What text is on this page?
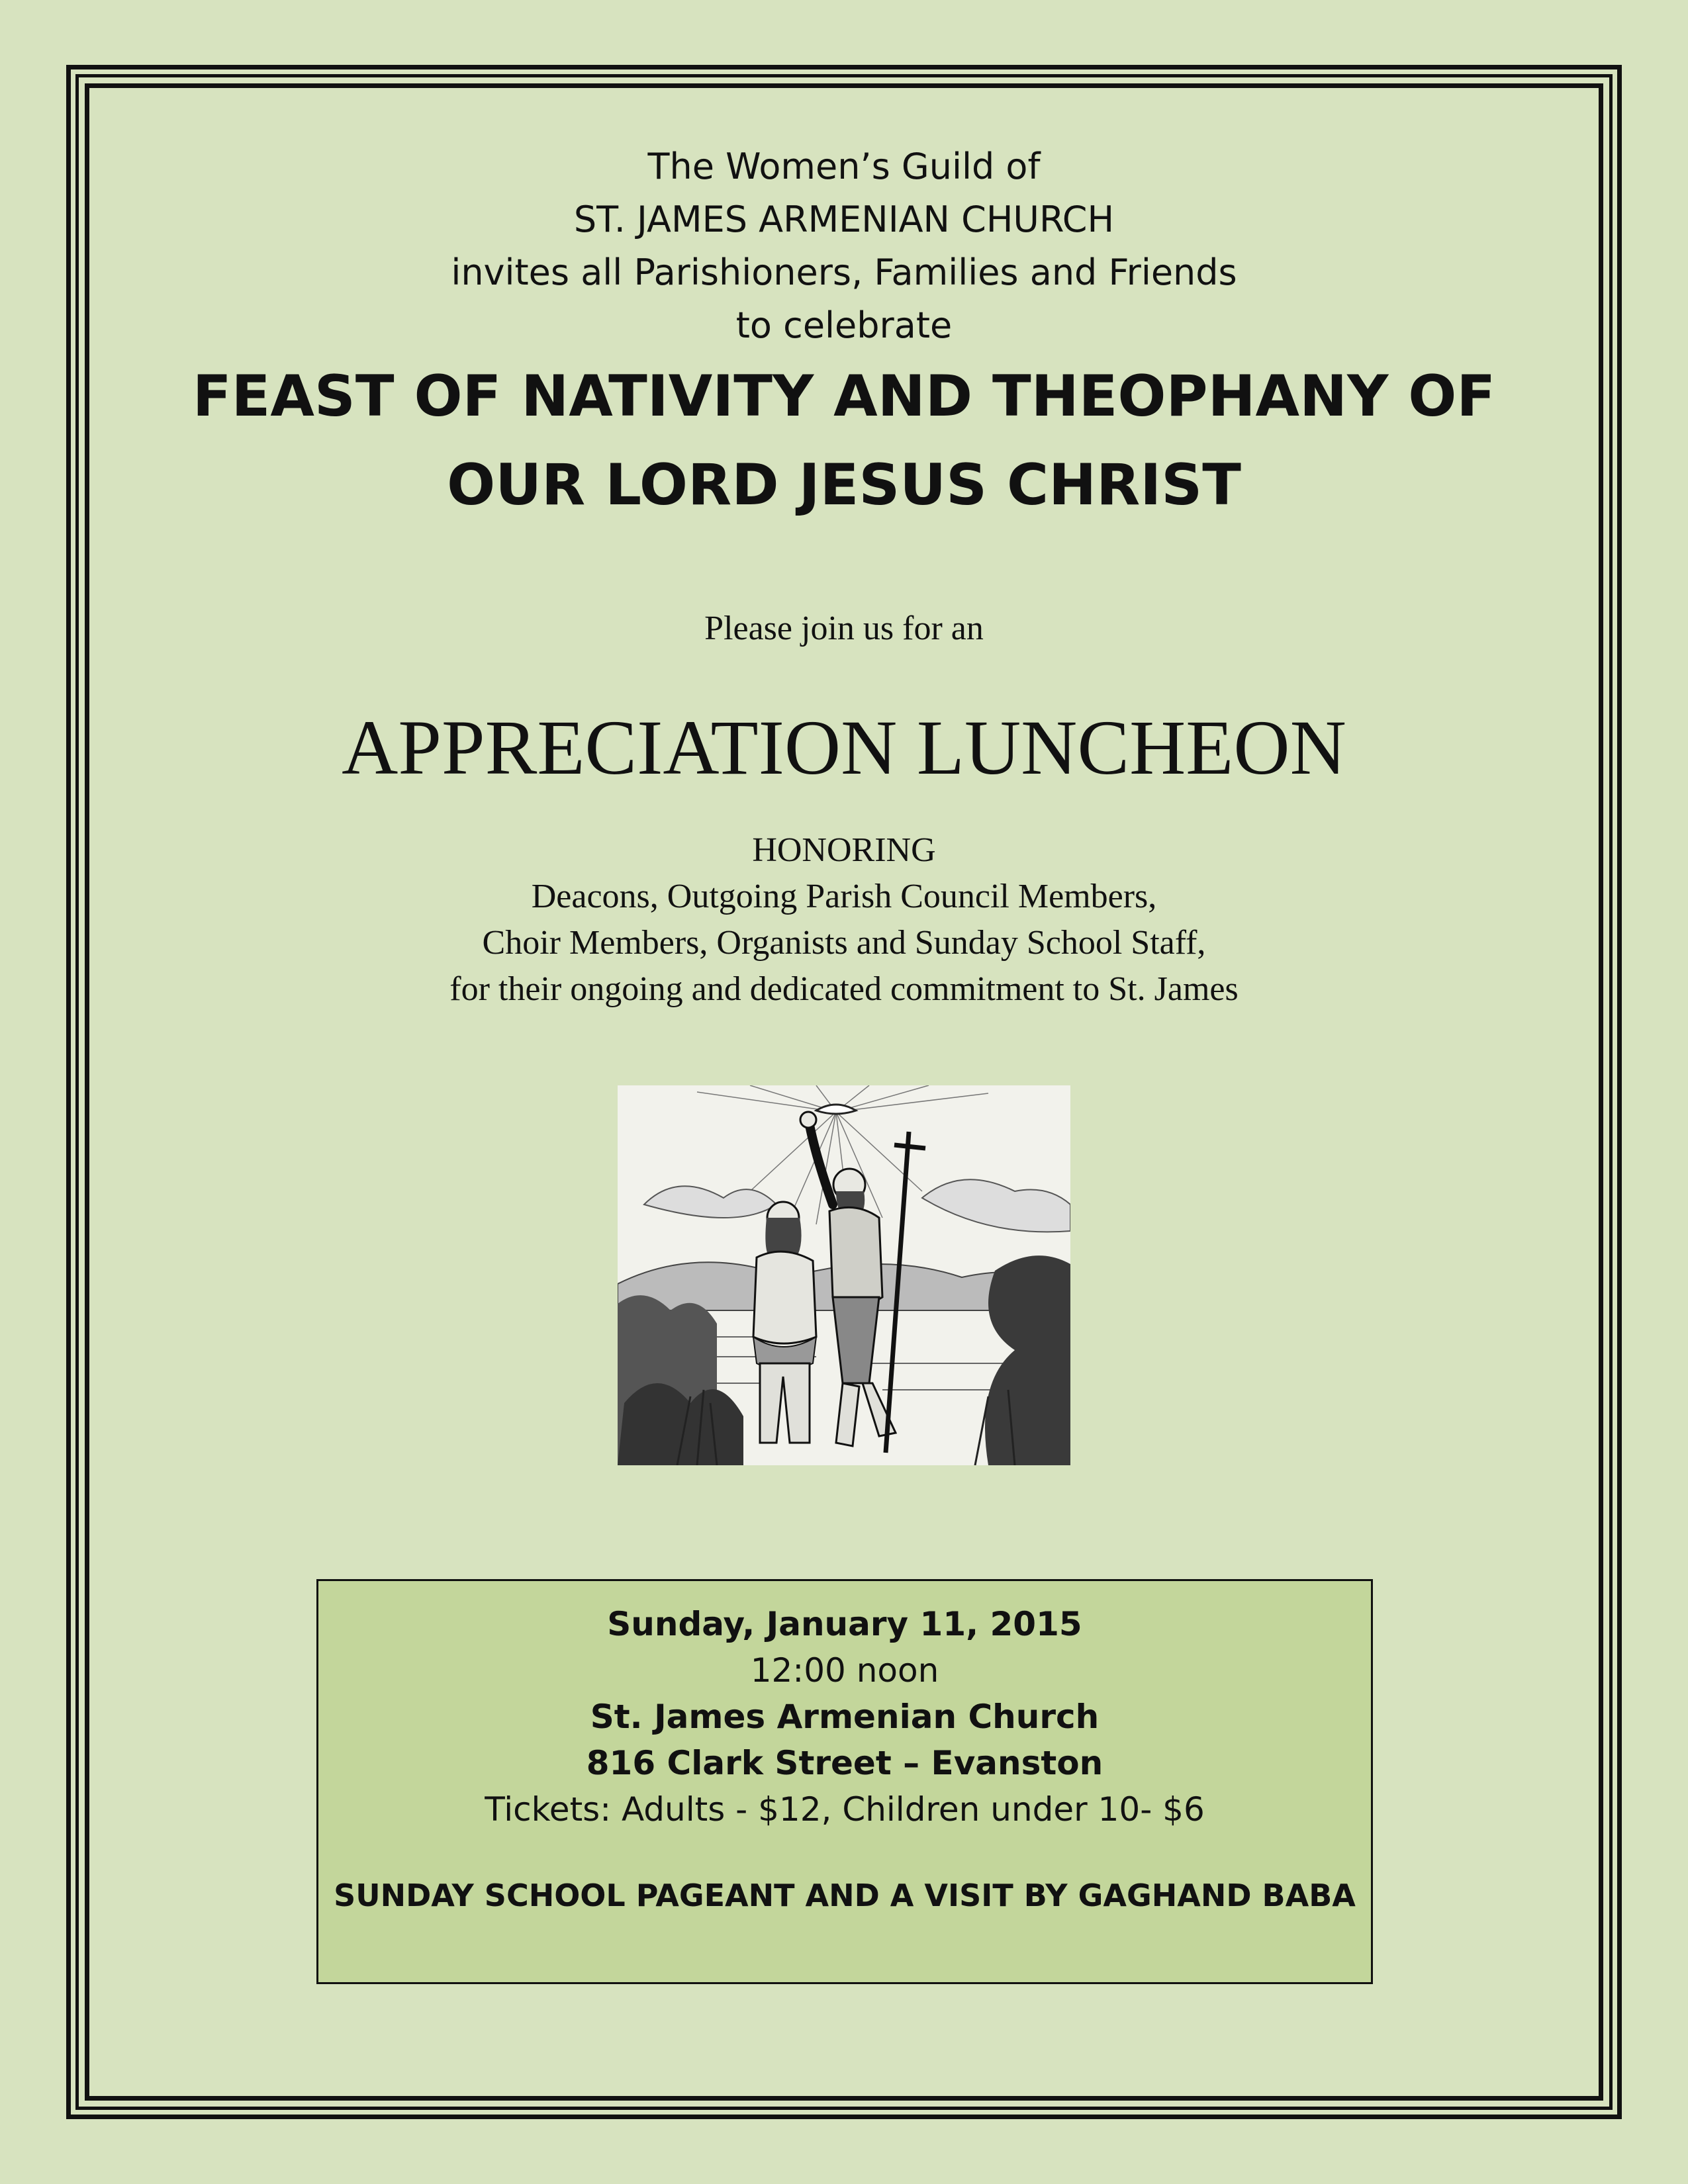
The Women’s Guild of
ST. JAMES ARMENIAN CHURCH
invites all Parishioners, Families and Friends
to celebrate
FEAST OF NATIVITY AND THEOPHANY OF
OUR LORD JESUS CHRIST
Please join us for an
APPRECIATION LUNCHEON
HONORING
Deacons, Outgoing Parish Council Members,
Choir Members, Organists and Sunday School Staff,
for their ongoing and dedicated commitment to St. James
Sunday, January 11, 2015
12:00 noon
St. James Armenian Church
816 Clark Street – Evanston
Tickets: Adults - $12, Children under 10- $6
SUNDAY SCHOOL PAGEANT AND A VISIT BY GAGHAND BABA
